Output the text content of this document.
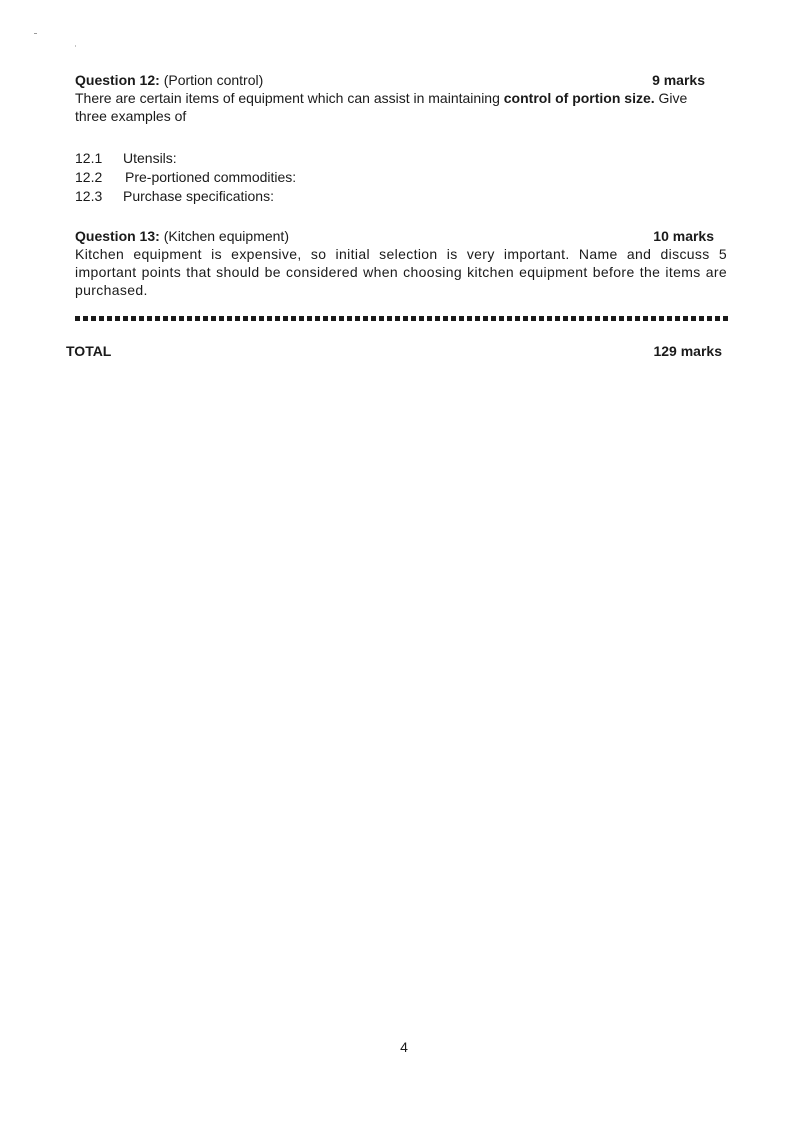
Question 12: (Portion control)	9 marks

There are certain items of equipment which can assist in maintaining control of portion size. Give three examples of

12.1	Utensils:
12.2	Pre-portioned commodities:
12.3	Purchase specifications:
Question 13: (Kitchen equipment)	10 marks

Kitchen equipment is expensive, so initial selection is very important. Name and discuss 5 important points that should be considered when choosing kitchen equipment before the items are purchased.

TOTAL	129 marks
4
